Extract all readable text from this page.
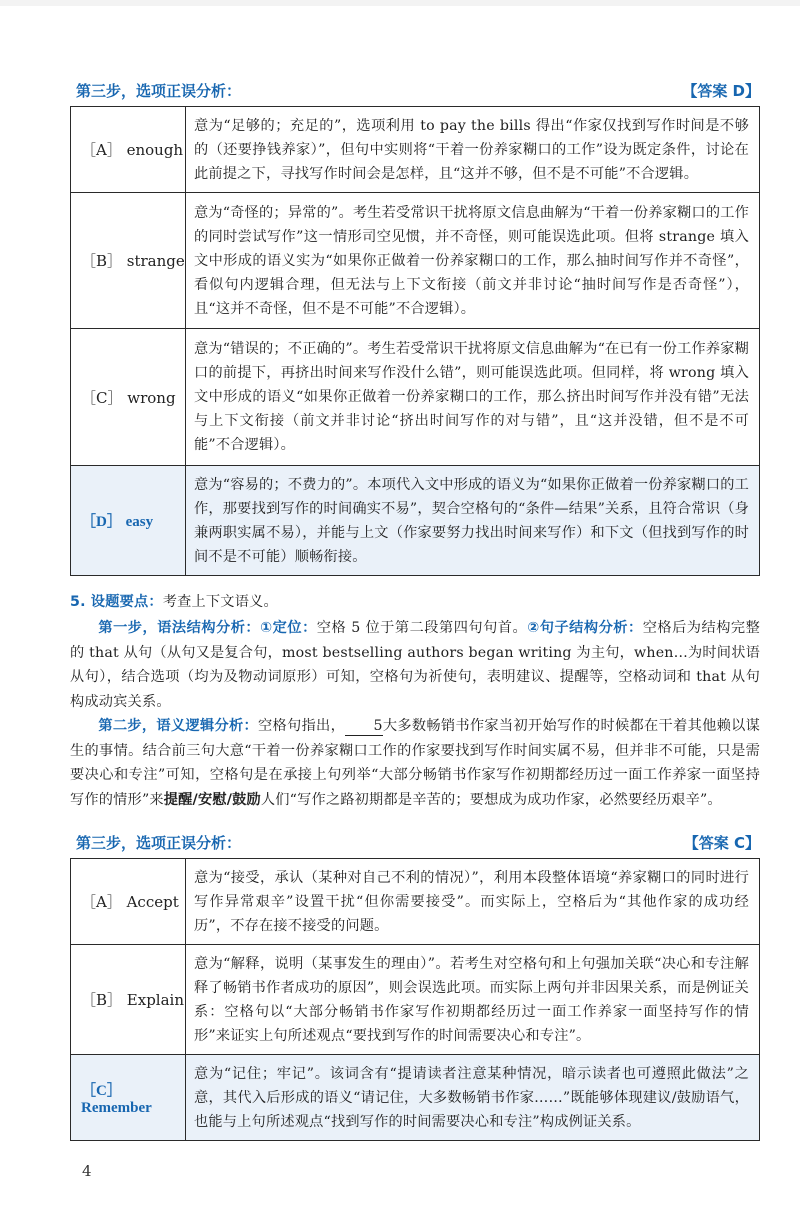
第三步，选项正误分析：	【答案 D】
［A］ enough	意为“足够的；充足的”，选项利用 to pay the bills 得出“作家仅找到写作时间是不够的（还要挣钱养家）”，但句中实则将“干着一份养家糊口的工作”设为既定条件，讨论在此前提之下，寻找写作时间会是怎样，且“这并不够，但不是不可能”不合逻辑。
［B］ strange	意为“奇怪的；异常的”。考生若受常识干扰将原文信息曲解为“干着一份养家糊口的工作的同时尝试写作”这一情形司空见惯，并不奇怪，则可能误选此项。但将 strange 填入文中形成的语义实为“如果你正做着一份养家糊口的工作，那么抽时间写作并不奇怪”，看似句内逻辑合理，但无法与上下文衔接（前文并非讨论“抽时间写作是否奇怪”），且“这并不奇怪，但不是不可能”不合逻辑）。
［C］ wrong	意为“错误的；不正确的”。考生若受常识干扰将原文信息曲解为“在已有一份工作养家糊口的前提下，再挤出时间来写作没什么错”，则可能误选此项。但同样，将 wrong 填入文中形成的语义“如果你正做着一份养家糊口的工作，那么挤出时间写作并没有错”无法与上下文衔接（前文并非讨论“挤出时间写作的对与错”，且“这并没错，但不是不可能”不合逻辑）。
［D］ easy	意为“容易的；不费力的”。本项代入文中形成的语义为“如果你正做着一份养家糊口的工作，那要找到写作的时间确实不易”，契合空格句的“条件—结果”关系，且符合常识（身兼两职实属不易），并能与上文（作家要努力找出时间来写作）和下文（但找到写作的时间不是不可能）顺畅衔接。
5. 设题要点：考查上下文语义。
第一步，语法结构分析：①定位：空格 5 位于第二段第四句句首。②句子结构分析：空格后为结构完整的 that 从句（从句又是复合句，most bestselling authors began writing 为主句，when…为时间状语从句），结合选项（均为及物动词原形）可知，空格句为祈使句，表明建议、提醒等，空格动词和 that 从句构成动宾关系。
第二步，语义逻辑分析：空格句指出， 5大多数畅销书作家当初开始写作的时候都在干着其他赖以谋生的事情。结合前三句大意“干着一份养家糊口工作的作家要找到写作时间实属不易，但并非不可能，只是需要决心和专注”可知，空格句是在承接上句列举“大部分畅销书作家写作初期都经历过一面工作养家一面坚持写作的情形”来提醒/安慰/鼓励人们“写作之路初期都是辛苦的；要想成为成功作家，必然要经历艰辛”。
第三步，选项正误分析：	【答案 C】
［A］ Accept	意为“接受，承认（某种对自己不利的情况）”，利用本段整体语境“养家糊口的同时进行写作异常艰辛”设置干扰“但你需要接受”。而实际上，空格后为“其他作家的成功经历”，不存在接不接受的问题。
［B］ Explain	意为“解释，说明（某事发生的理由）”。若考生对空格句和上句强加关联“决心和专注解释了畅销书作者成功的原因”，则会误选此项。而实际上两句并非因果关系，而是例证关系：空格句以“大部分畅销书作家写作初期都经历过一面工作养家一面坚持写作的情形”来证实上句所述观点“要找到写作的时间需要决心和专注”。
［C］ Remember	意为“记住；牢记”。该词含有“提请读者注意某种情况，暗示读者也可遵照此做法”之意，其代入后形成的语义“请记住，大多数畅销书作家……”既能够体现建议/鼓励语气，也能与上句所述观点“找到写作的时间需要决心和专注”构成例证关系。
4
